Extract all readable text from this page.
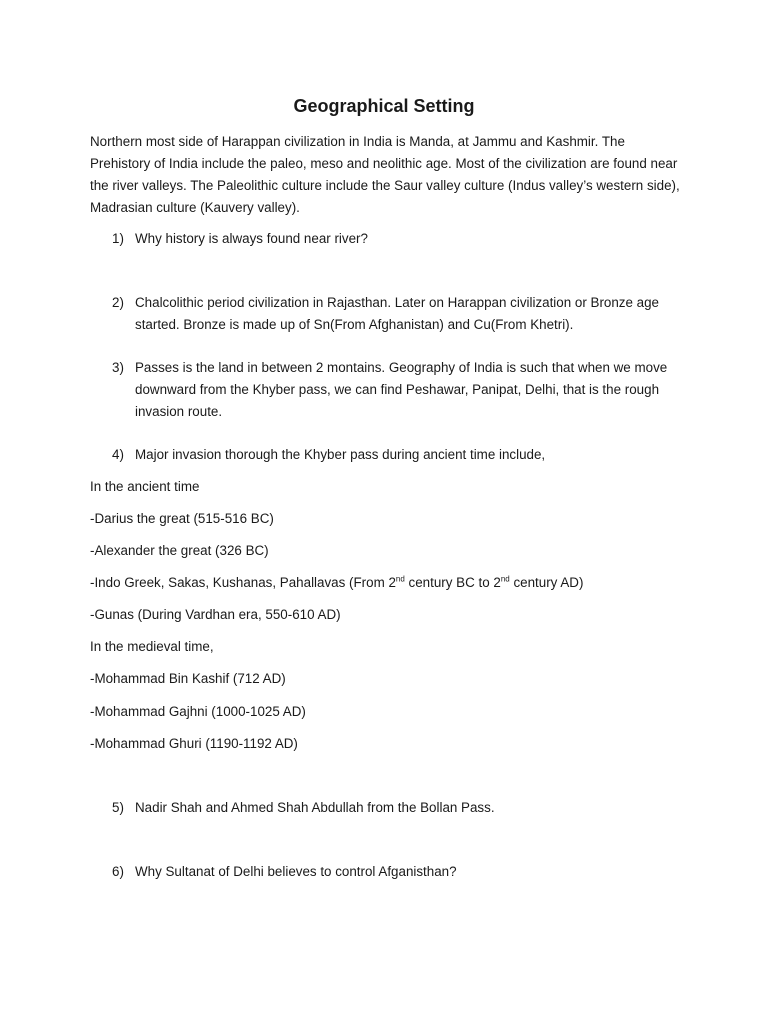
Geographical Setting

Northern most side of Harappan civilization in India is Manda, at Jammu and Kashmir. The Prehistory of India include the paleo, meso and neolithic age. Most of the civilization are found near the river valleys. The Paleolithic culture include the Saur valley culture (Indus valley’s western side), Madrasian culture (Kauvery valley).

1) Why history is always found near river?
2) Chalcolithic period civilization in Rajasthan. Later on Harappan civilization or Bronze age started. Bronze is made up of Sn(From Afghanistan) and Cu(From Khetri).
3) Passes is the land in between 2 montains. Geography of India is such that when we move downward from the Khyber pass, we can find Peshawar, Panipat, Delhi, that is the rough invasion route.
4) Major invasion thorough the Khyber pass during ancient time include,
In the ancient time
-Darius the great (515-516 BC)
-Alexander the great (326 BC)
-Indo Greek, Sakas, Kushanas, Pahallavas (From 2nd century BC to 2nd century AD)
-Gunas (During Vardhan era, 550-610 AD)
In the medieval time,
-Mohammad Bin Kashif (712 AD)
-Mohammad Gajhni (1000-1025 AD)
-Mohammad Ghuri (1190-1192 AD)
5) Nadir Shah and Ahmed Shah Abdullah from the Bollan Pass.
6) Why Sultanat of Delhi believes to control Afganisthan?
